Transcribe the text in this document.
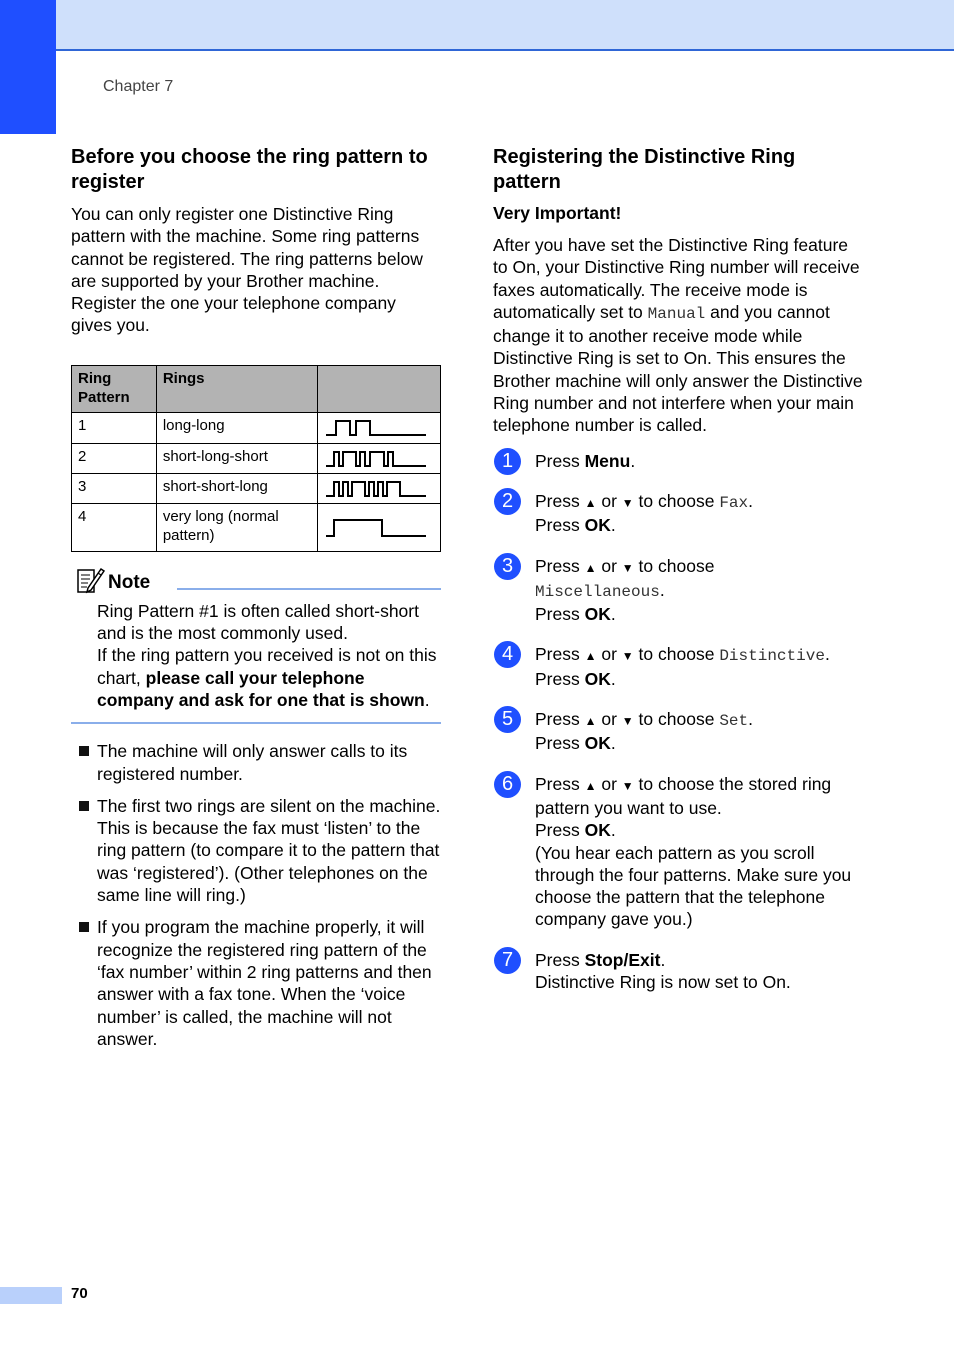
Chapter 7
Before you choose the ring pattern to register

You can only register one Distinctive Ring pattern with the machine. Some ring patterns cannot be registered. The ring patterns below are supported by your Brother machine. Register the one your telephone company gives you.

Ring Pattern	Rings	
1	long-long	
2	short-long-short	
3	short-short-long	
4	very long (normal pattern)	
Note
Ring Pattern #1 is often called short-short and is the most commonly used.
If the ring pattern you received is not on this chart, please call your telephone company and ask for one that is shown.
The machine will only answer calls to its registered number.
The first two rings are silent on the machine. This is because the fax must ‘listen’ to the ring pattern (to compare it to the pattern that was ‘registered’). (Other telephones on the same line will ring.)
If you program the machine properly, it will recognize the registered ring pattern of the ‘fax number’ within 2 ring patterns and then answer with a fax tone. When the ‘voice number’ is called, the machine will not answer.
Registering the Distinctive Ring pattern
Very Important!

After you have set the Distinctive Ring feature to On, your Distinctive Ring number will receive faxes automatically. The receive mode is automatically set to Manual and you cannot change it to another receive mode while Distinctive Ring is set to On. This ensures the Brother machine will only answer the Distinctive Ring number and not interfere when your main telephone number is called.

1	Press Menu.
2	Press ▲ or ▼ to choose Fax.
Press OK.
3	Press ▲ or ▼ to choose
Miscellaneous.
Press OK.
4	Press ▲ or ▼ to choose Distinctive.
Press OK.
5	Press ▲ or ▼ to choose Set.
Press OK.
6	Press ▲ or ▼ to choose the stored ring pattern you want to use.
Press OK.
(You hear each pattern as you scroll through the four patterns. Make sure you choose the pattern that the telephone company gave you.)
7	Press Stop/Exit.
Distinctive Ring is now set to On.
70
